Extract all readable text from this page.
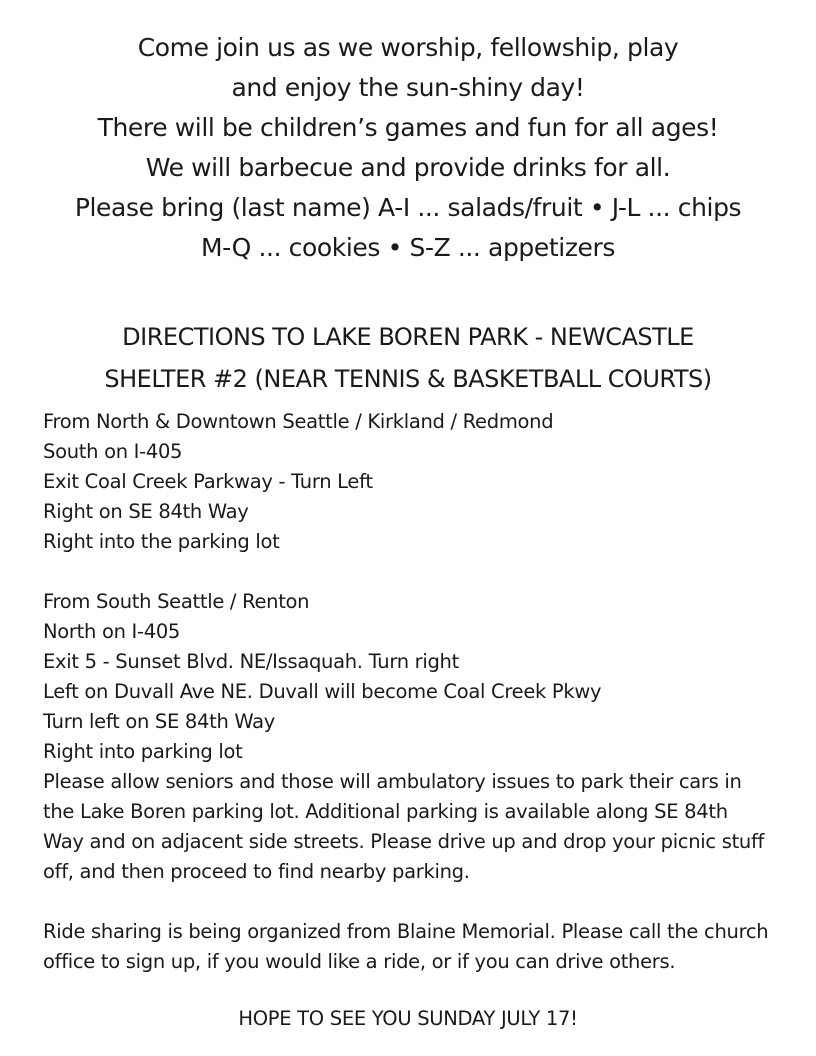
Come join us as we worship, fellowship, play
and enjoy the sun-shiny day!
There will be children’s games and fun for all ages!
We will barbecue and provide drinks for all.
Please bring (last name) A-I ... salads/fruit • J-L ... chips
M-Q ... cookies • S-Z ... appetizers
DIRECTIONS TO LAKE BOREN PARK - NEWCASTLE
SHELTER #2 (NEAR TENNIS & BASKETBALL COURTS)
From North & Downtown Seattle / Kirkland / Redmond
South on I-405
Exit Coal Creek Parkway - Turn Left
Right on SE 84th Way
Right into the parking lot
From South Seattle / Renton
North on I-405
Exit 5 - Sunset Blvd. NE/Issaquah. Turn right
Left on Duvall Ave NE. Duvall will become Coal Creek Pkwy
Turn left on SE 84th Way
Right into parking lot
Please allow seniors and those will ambulatory issues to park their cars in
the Lake Boren parking lot. Additional parking is available along SE 84th
Way and on adjacent side streets. Please drive up and drop your picnic stuff
off, and then proceed to find nearby parking.
Ride sharing is being organized from Blaine Memorial. Please call the church
office to sign up, if you would like a ride, or if you can drive others.
HOPE TO SEE YOU SUNDAY JULY 17!
